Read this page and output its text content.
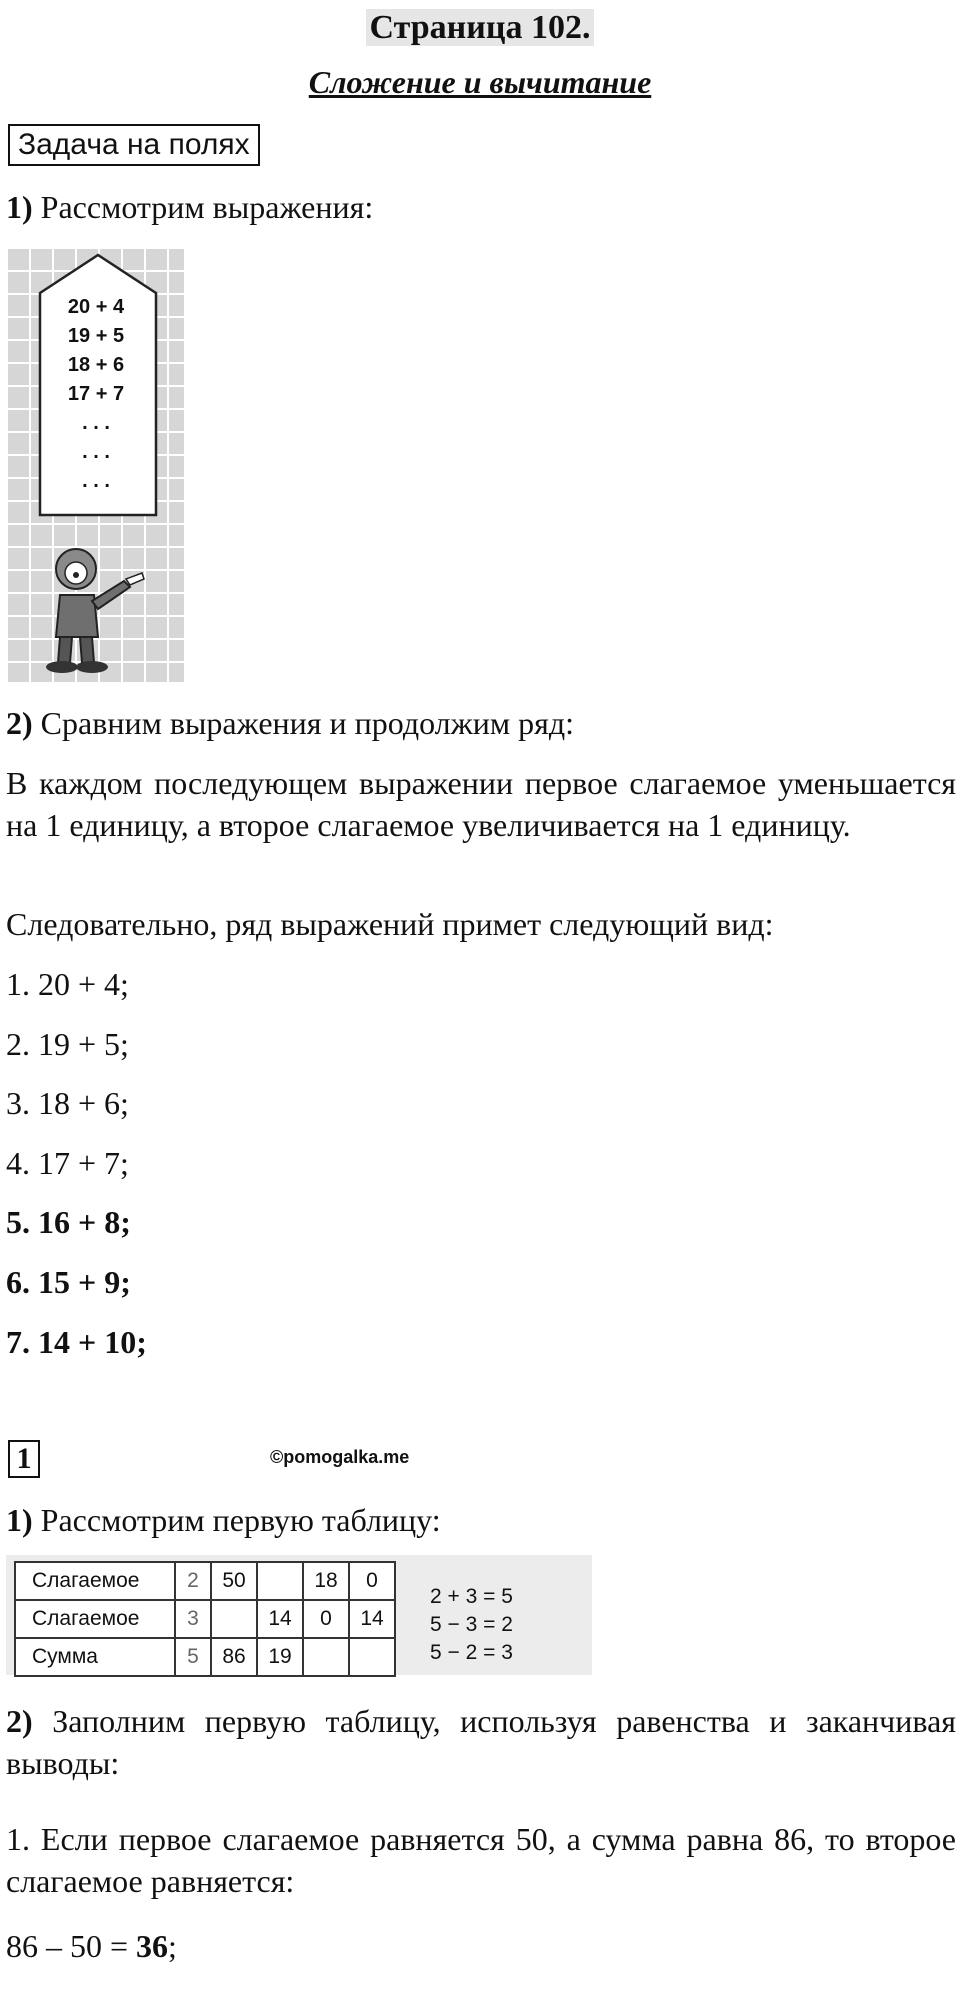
Страница 102.
Сложение и вычитание
Задача на полях
1) Рассмотрим выражения:
20 + 4
19 + 5
18 + 6
17 + 7
. . .
. . .
. . .
2) Сравним выражения и продолжим ряд:
В каждом последующем выражении первое слагаемое уменьшается на 1 единицу, а второе слагаемое увеличивается на 1 единицу.
Следовательно, ряд выражений примет следующий вид:
1. 20 + 4;
2. 19 + 5;
3. 18 + 6;
4. 17 + 7;
5. 16 + 8;
6. 15 + 9;
7. 14 + 10;
1	©pomogalka.me
1) Рассмотрим первую таблицу:
Слагаемое	2	50		18	0
Слагаемое	3		14	0	14
Сумма	5	86	19		
2 + 3 = 5
5 − 3 = 2
5 − 2 = 3
2) Заполним первую таблицу, используя равенства и заканчивая выводы:
1. Если первое слагаемое равняется 50, а сумма равна 86, то второе слагаемое равняется:
86 – 50 = 36;
